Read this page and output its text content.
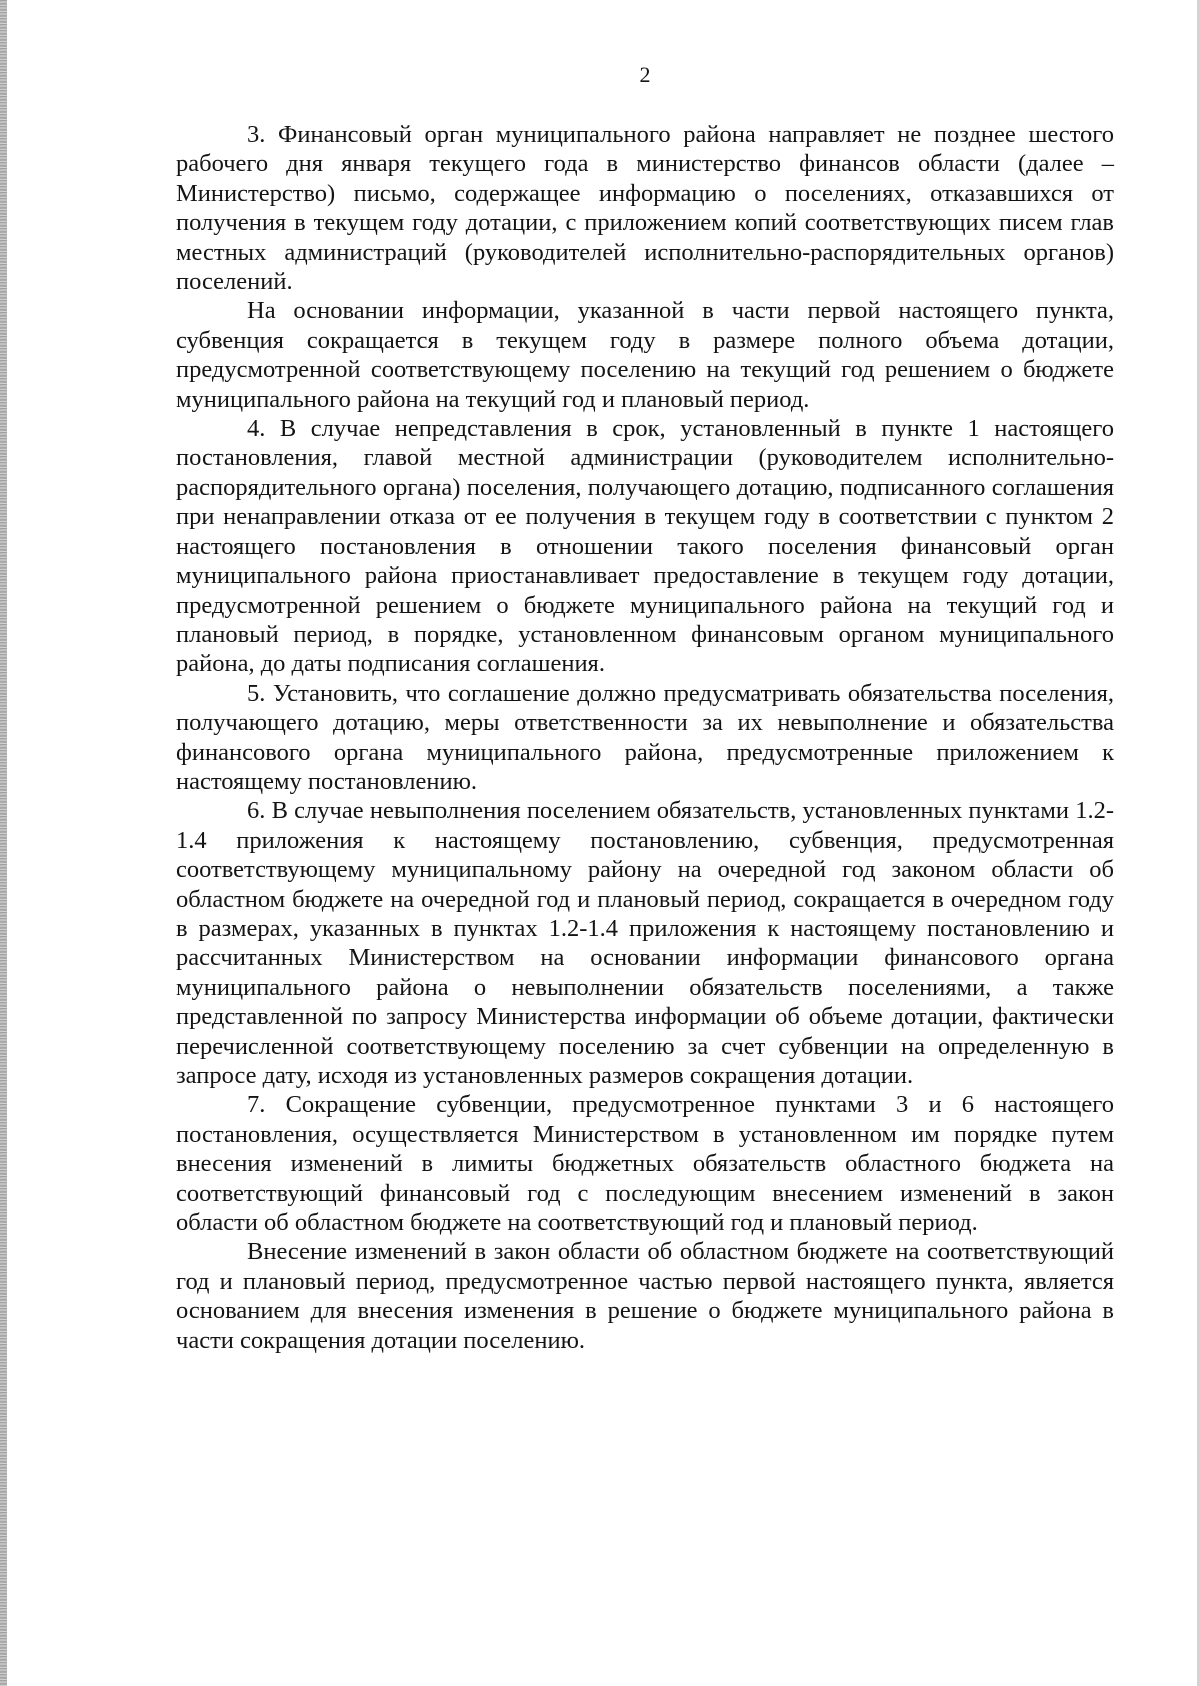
2

3. Финансовый орган муниципального района направляет не позднее шестого рабочего дня января текущего года в министерство финансов области (далее – Министерство) письмо, содержащее информацию о поселениях, отказавшихся от получения в текущем году дотации, с приложением копий соответствующих писем глав местных администраций (руководителей исполнительно-распорядительных органов) поселений.

На основании информации, указанной в части первой настоящего пункта, субвенция сокращается в текущем году в размере полного объема дотации, предусмотренной соответствующему поселению на текущий год решением о бюджете муниципального района на текущий год и плановый период.

4. В случае непредставления в срок, установленный в пункте 1 настоящего постановления, главой местной администрации (руководителем исполнительно-распорядительного органа) поселения, получающего дотацию, подписанного соглашения при ненаправлении отказа от ее получения в текущем году в соответствии с пунктом 2 настоящего постановления в отношении такого поселения финансовый орган муниципального района приостанавливает предоставление в текущем году дотации, предусмотренной решением о бюджете муниципального района на текущий год и плановый период, в порядке, установленном финансовым органом муниципального района, до даты подписания соглашения.

5. Установить, что соглашение должно предусматривать обязательства поселения, получающего дотацию, меры ответственности за их невыполнение и обязательства финансового органа муниципального района, предусмотренные приложением к настоящему постановлению.

6. В случае невыполнения поселением обязательств, установленных пунктами 1.2-1.4 приложения к настоящему постановлению, субвенция, предусмотренная соответствующему муниципальному району на очередной год законом области об областном бюджете на очередной год и плановый период, сокращается в очередном году в размерах, указанных в пунктах 1.2-1.4 приложения к настоящему постановлению и рассчитанных Министерством на основании информации финансового органа муниципального района о невыполнении обязательств поселениями, а также представленной по запросу Министерства информации об объеме дотации, фактически перечисленной соответствующему поселению за счет субвенции на определенную в запросе дату, исходя из установленных размеров сокращения дотации.

7. Сокращение субвенции, предусмотренное пунктами 3 и 6 настоящего постановления, осуществляется Министерством в установленном им порядке путем внесения изменений в лимиты бюджетных обязательств областного бюджета на соответствующий финансовый год с последующим внесением изменений в закон области об областном бюджете на соответствующий год и плановый период.

Внесение изменений в закон области об областном бюджете на соответствующий год и плановый период, предусмотренное частью первой настоящего пункта, является основанием для внесения изменения в решение о бюджете муниципального района в части сокращения дотации поселению.
